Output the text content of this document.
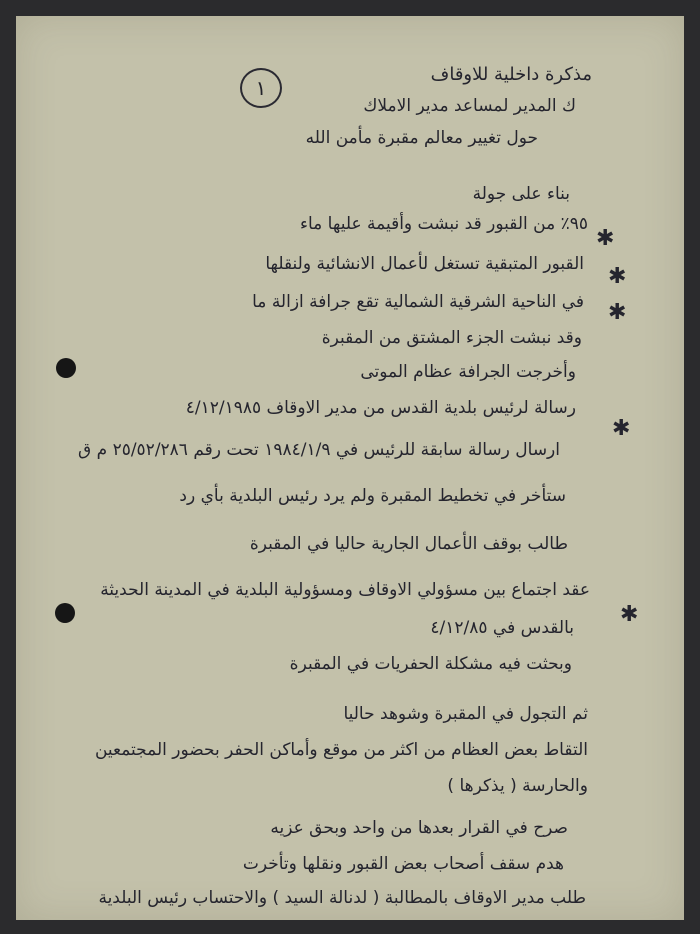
١
مذكرة داخلية للاوقاف
ك المدير لمساعد مدير الاملاك
حول تغيير معالم مقبرة مأمن الله
بناء على جولة
✱
٩٥٪ من القبور قد نبشت وأقيمة عليها ماء
✱
القبور المتبقية تستغل لأعمال الانشائية ولنقلها
✱
في الناحية الشرقية الشمالية تقع جرافة ازالة ما
وقد نبشت الجزء المشتق من المقبرة
وأخرجت الجرافة عظام الموتى
✱
رسالة لرئيس بلدية القدس من مدير الاوقاف ٤/١٢/١٩٨٥
ارسال رسالة سابقة للرئيس في ١٩٨٤/١/٩ تحت رقم ٢٥/٥٢/٢٨٦ م ق
ستأخر في تخطيط المقبرة ولم يرد رئيس البلدية بأي رد
طالب بوقف الأعمال الجارية حاليا في المقبرة
✱
عقد اجتماع بين مسؤولي الاوقاف ومسؤولية البلدية في المدينة الحديثة
بالقدس في ٤/١٢/٨٥
وبحثت فيه مشكلة الحفريات في المقبرة
ثم التجول في المقبرة وشوهد حاليا
التقاط بعض العظام من اكثر من موقع وأماكن الحفر بحضور المجتمعين
والحارسة ( يذكرها )
صرح في القرار بعدها من واحد وبحق عزيه
هدم سقف أصحاب بعض القبور ونقلها وتأخرت
طلب مدير الاوقاف بالمطالبة ( لدنالة السيد ) والاحتساب رئيس البلدية
